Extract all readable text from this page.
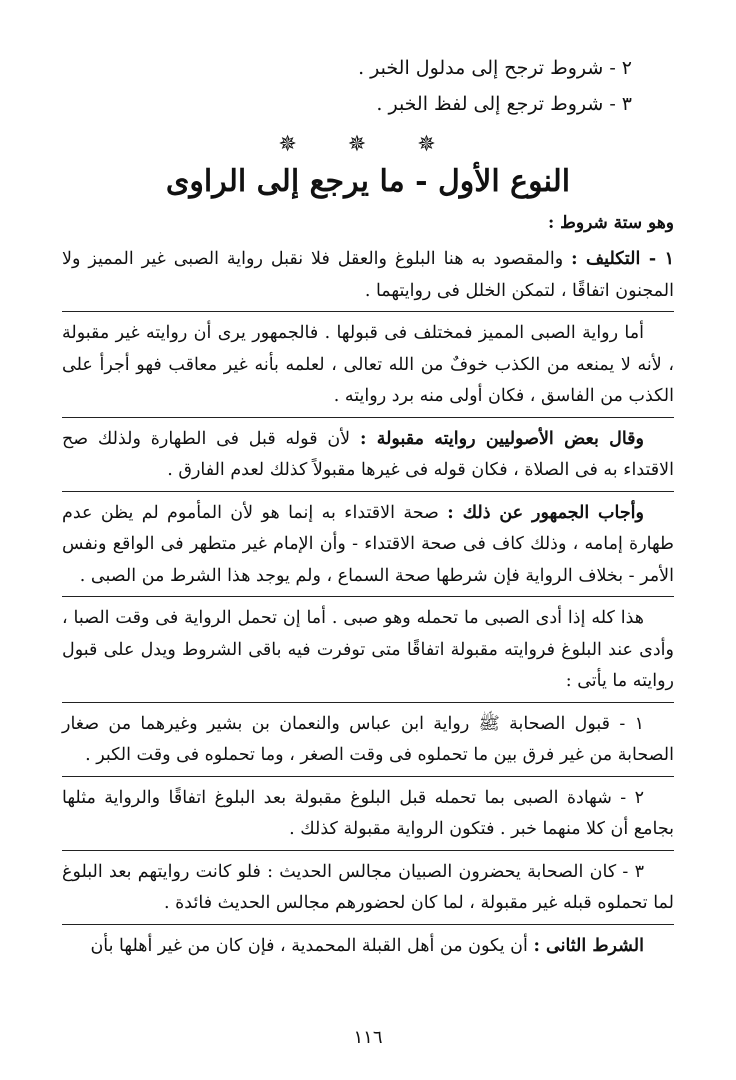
٢ - شروط ترجح إلى مدلول الخبر .

٣ - شروط ترجع إلى لفظ الخبر .

✵ ✵ ✵
النوع الأول - ما يرجع إلى الراوى

وهو ستة شروط :

١ - التكليف : والمقصود به هنا البلوغ والعقل فلا نقبل رواية الصبى غير المميز ولا المجنون اتفاقًا ، لتمكن الخلل فى روايتهما .

أما رواية الصبى المميز فمختلف فى قبولها . فالجمهور يرى أن روايته غير مقبولة ، لأنه لا يمنعه من الكذب خوفٌ من الله تعالى ، لعلمه بأنه غير معاقب فهو أجرأ على الكذب من الفاسق ، فكان أولى منه برد روايته .

وقال بعض الأصوليين روايته مقبولة : لأن قوله قبل فى الطهارة ولذلك صح الاقتداء به فى الصلاة ، فكان قوله فى غيرها مقبولاً كذلك لعدم الفارق .

وأجاب الجمهور عن ذلك : صحة الاقتداء به إنما هو لأن المأموم لم يظن عدم طهارة إمامه ، وذلك كاف فى صحة الاقتداء - وأن الإمام غير متطهر فى الواقع ونفس الأمر - بخلاف الرواية فإن شرطها صحة السماع ، ولم يوجد هذا الشرط من الصبى .

هذا كله إذا أدى الصبى ما تحمله وهو صبى . أما إن تحمل الرواية فى وقت الصبا ، وأدى عند البلوغ فروايته مقبولة اتفاقًا متى توفرت فيه باقى الشروط ويدل على قبول روايته ما يأتى :

١ - قبول الصحابة ﷺ رواية ابن عباس والنعمان بن بشير وغيرهما من صغار الصحابة من غير فرق بين ما تحملوه فى وقت الصغر ، وما تحملوه فى وقت الكبر .

٢ - شهادة الصبى بما تحمله قبل البلوغ مقبولة بعد البلوغ اتفاقًا والرواية مثلها بجامع أن كلا منهما خبر . فتكون الرواية مقبولة كذلك .

٣ - كان الصحابة يحضرون الصبيان مجالس الحديث : فلو كانت روايتهم بعد البلوغ لما تحملوه قبله غير مقبولة ، لما كان لحضورهم مجالس الحديث فائدة .

الشرط الثانى : أن يكون من أهل القبلة المحمدية ، فإن كان من غير أهلها بأن

١١٦
